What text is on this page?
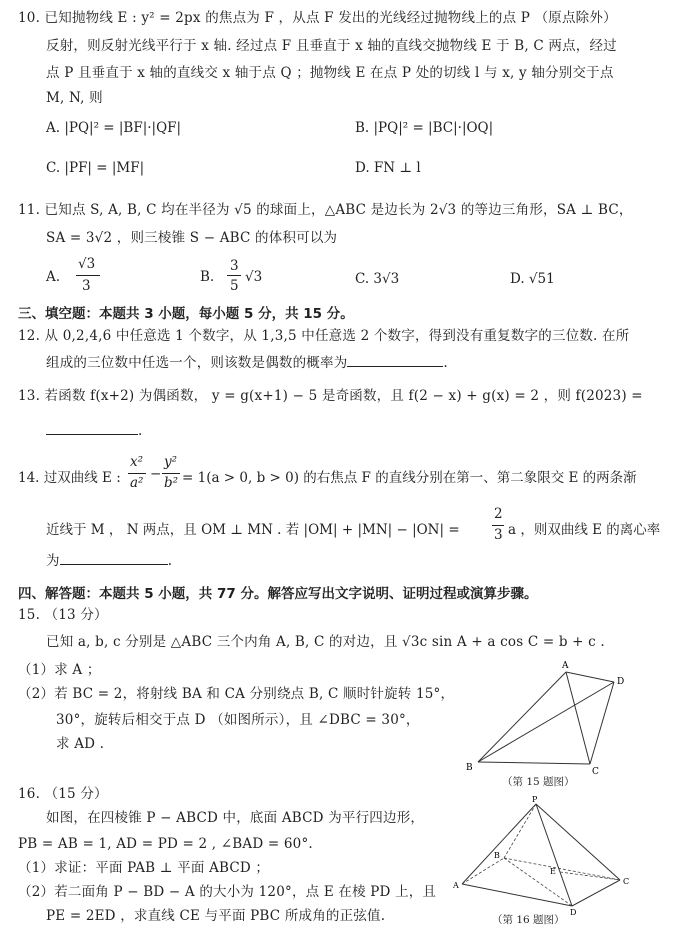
10. 已知抛物线 E : y² = 2px 的焦点为 F ，从点 F 发出的光线经过抛物线上的点 P （原点除外）
反射，则反射光线平行于 x 轴. 经过点 F 且垂直于 x 轴的直线交抛物线 E 于 B, C 两点，经过
点 P 且垂直于 x 轴的直线交 x 轴于点 Q ；抛物线 E 在点 P 处的切线 l 与 x, y 轴分别交于点
M, N, 则
A. |PQ|² = |BF|·|QF|	B. |PQ|² = |BC|·|OQ|
C. |PF| = |MF|	D. FN ⊥ l
11. 已知点 S, A, B, C 均在半径为 √5 的球面上，△ABC 是边长为 2√3 的等边三角形，SA ⊥ BC，
SA = 3√2 ，则三棱锥 S − ABC 的体积可以为
A.
√3
3
B.
3
5
√3	C. 3√3	D. √51
三、填空题：本题共 3 小题，每小题 5 分，共 15 分。
12. 从 0,2,4,6 中任意选 1 个数字，从 1,3,5 中任意选 2 个数字，得到没有重复数字的三位数. 在所
组成的三位数中任选一个，则该数是偶数的概率为	.
13. 若函数 f(x+2) 为偶函数， y = g(x+1) − 5 是奇函数，且 f(2 − x) + g(x) = 2 ，则 f(2023) =
.
14. 过双曲线 E :
x²
a²
−
y²
b² = 1(a > 0, b > 0) 的右焦点 F 的直线分别在第一、第二象限交 E 的两条渐
近线于 M ， N 两点，且 OM ⊥ MN . 若 |OM| + |MN| − |ON| =
2
3 a ，则双曲线 E 的离心率
为	.
四、解答题：本题共 5 小题，共 77 分。解答应写出文字说明、证明过程或演算步骤。
15. （13 分）
已知 a, b, c 分别是 △ABC 三个内角 A, B, C 的对边，且 √3c sin A + a cos C = b + c .
（1）求 A ；
（2）若 BC = 2，将射线 BA 和 CA 分别绕点 B, C 顺时针旋转 15°，
30°，旋转后相交于点 D （如图所示），且 ∠DBC = 30°，
求 AD .
A
D
B	C
（第 15 题图）
16. （15 分）
如图，在四棱锥 P − ABCD 中，底面 ABCD 为平行四边形，
PB = AB = 1, AD = PD = 2 , ∠BAD = 60°.
（1）求证：平面 PAB ⊥ 平面 ABCD ；
（2）若二面角 P − BD − A 的大小为 120°，点 E 在棱 PD 上，且
PE = 2ED ，求直线 CE 与平面 PBC 所成角的正弦值.
P
B
E
A	C
D
（第 16 题图）
